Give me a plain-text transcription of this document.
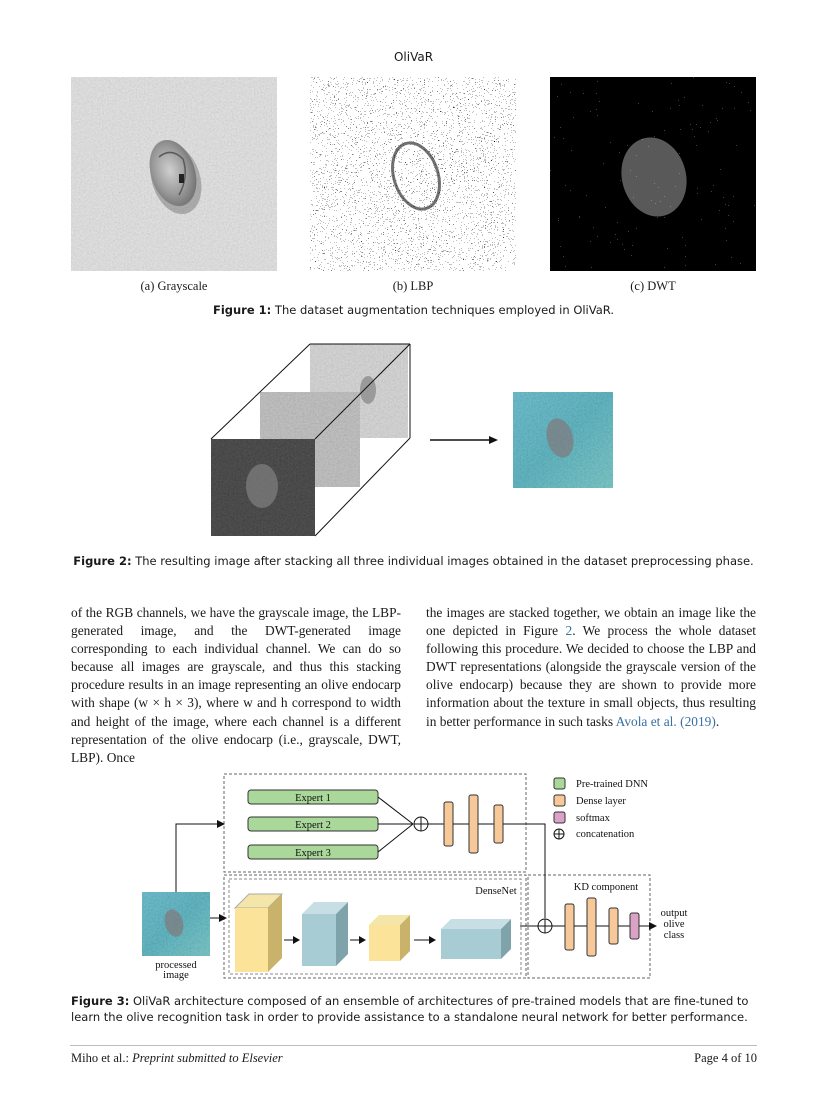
OliVaR
(a) Grayscale	(b) LBP	(c) DWT
Figure 1: The dataset augmentation techniques employed in OliVaR.
Figure 2: The resulting image after stacking all three individual images obtained in the dataset preprocessing phase.
of the RGB channels, we have the grayscale image, the LBP-generated image, and the DWT-generated image corresponding to each individual channel. We can do so because all images are grayscale, and thus this stacking procedure results in an image representing an olive endocarp with shape (w × h × 3), where w and h correspond to width and height of the image, where each channel is a different representation of the olive endocarp (i.e., grayscale, DWT, LBP). Once
the images are stacked together, we obtain an image like the one depicted in Figure 2. We process the whole dataset following this procedure. We decided to choose the LBP and DWT representations (alongside the grayscale version of the olive endocarp) because they are shown to provide more information about the texture in small objects, thus resulting in better performance in such tasks Avola et al. (2019).
Expert 1
Expert 2
Expert 3
processed
image
DenseNet	KD component
output
olive
class
Pre-trained DNN
Dense layer
softmax
concatenation
Figure 3: OliVaR architecture composed of an ensemble of architectures of pre-trained models that are fine-tuned to learn the olive recognition task in order to provide assistance to a standalone neural network for better performance.
Miho et al.: Preprint submitted to Elsevier	Page 4 of 10
